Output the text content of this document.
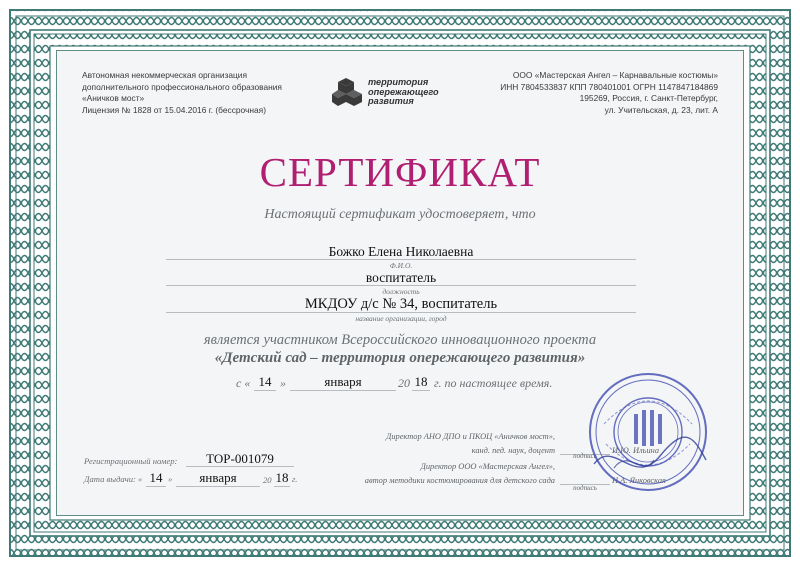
Автономная некоммерческая организация
дополнительного профессионального образования
«Аничков мост»
Лицензия № 1828 от 15.04.2016 г. (бессрочная)
территория
опережающего
развития
ООО «Мастерская Ангел – Карнавальные костюмы»
ИНН 7804533837 КПП 780401001 ОГРН 1147847184869
195269, Россия, г. Санкт-Петербург,
ул. Учительская, д. 23, лит. А
СЕРТИФИКАТ
Настоящий сертификат удостоверяет, что
Божко Елена Николаевна
Ф.И.О.
воспитатель
должность
МКДОУ д/с № 34, воспитатель
название организации, город
является участником Всероссийского инновационного проекта
«Детский сад – территория опережающего развития»
с « 14 »	января	20 18 г. по настоящее время.
Директор АНО ДПО и ПКОЦ «Аничков мост»,
канд. пед. наук, доцент
подпись
И.Ю. Ильина
Директор ООО «Мастерская Ангел»,
автор методики костюмирования для детского сада
подпись
Н.А. Янковская
Регистрационный номер:	ТОР-001079
Дата выдачи: « 14 »	января	20 18 г.
